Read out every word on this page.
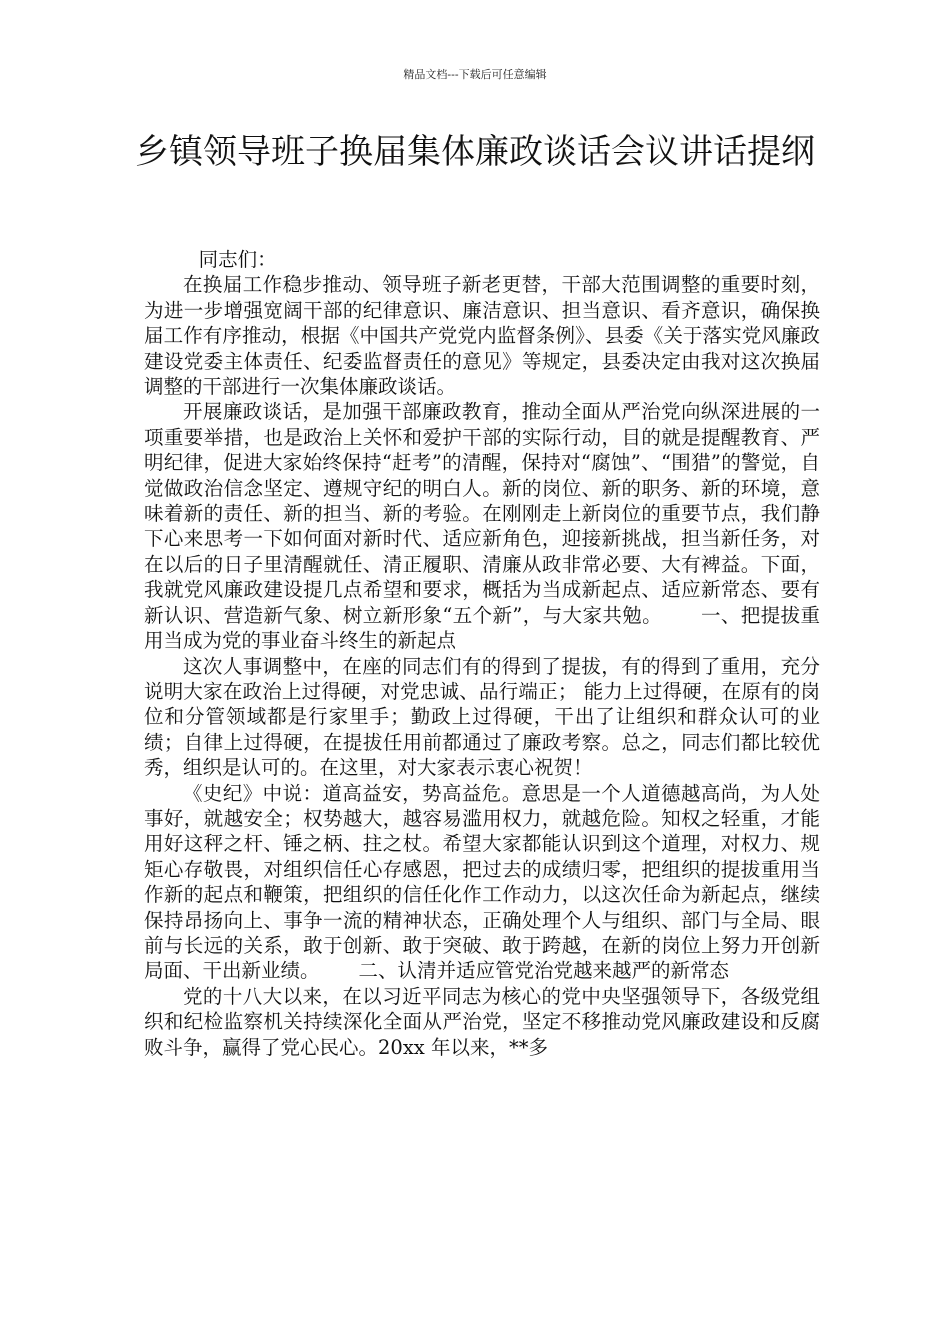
精品文档---下载后可任意编辑
乡镇领导班子换届集体廉政谈话会议讲话提纲

同志们：

在换届工作稳步推动、领导班子新老更替，干部大范围调整的重要时刻，为进一步增强宽阔干部的纪律意识、廉洁意识、担当意识、看齐意识，确保换届工作有序推动，根据《中国共产党党内监督条例》、县委《关于落实党风廉政建设党委主体责任、纪委监督责任的意见》等规定，县委决定由我对这次换届调整的干部进行一次集体廉政谈话。

开展廉政谈话，是加强干部廉政教育，推动全面从严治党向纵深进展的一项重要举措，也是政治上关怀和爱护干部的实际行动，目的就是提醒教育、严明纪律，促进大家始终保持“赶考”的清醒，保持对“腐蚀”、“围猎”的警觉，自觉做政治信念坚定、遵规守纪的明白人。新的岗位、新的职务、新的环境，意味着新的责任、新的担当、新的考验。在刚刚走上新岗位的重要节点，我们静下心来思考一下如何面对新时代、适应新角色，迎接新挑战，担当新任务，对在以后的日子里清醒就任、清正履职、清廉从政非常必要、大有裨益。下面，我就党风廉政建设提几点希望和要求，概括为当成新起点、适应新常态、要有新认识、营造新气象、树立新形象“五个新”，与大家共勉。 一、把提拔重用当成为党的事业奋斗终生的新起点

这次人事调整中，在座的同志们有的得到了提拔，有的得到了重用，充分说明大家在政治上过得硬，对党忠诚、品行端正； 能力上过得硬，在原有的岗位和分管领域都是行家里手；勤政上过得硬，干出了让组织和群众认可的业绩；自律上过得硬，在提拔任用前都通过了廉政考察。总之，同志们都比较优秀，组织是认可的。在这里，对大家表示衷心祝贺！

《史纪》中说：道高益安，势高益危。意思是一个人道德越高尚，为人处事好，就越安全；权势越大，越容易滥用权力，就越危险。知权之轻重，才能用好这秤之杆、锤之柄、拄之杖。希望大家都能认识到这个道理，对权力、规矩心存敬畏，对组织信任心存感恩，把过去的成绩归零，把组织的提拔重用当作新的起点和鞭策，把组织的信任化作工作动力，以这次任命为新起点，继续保持昂扬向上、事争一流的精神状态，正确处理个人与组织、部门与全局、眼前与长远的关系，敢于创新、敢于突破、敢于跨越，在新的岗位上努力开创新局面、干出新业绩。 二、认清并适应管党治党越来越严的新常态

党的十八大以来，在以习近平同志为核心的党中央坚强领导下，各级党组织和纪检监察机关持续深化全面从严治党，坚定不移推动党风廉政建设和反腐败斗争，赢得了党心民心。20xx 年以来，**多
